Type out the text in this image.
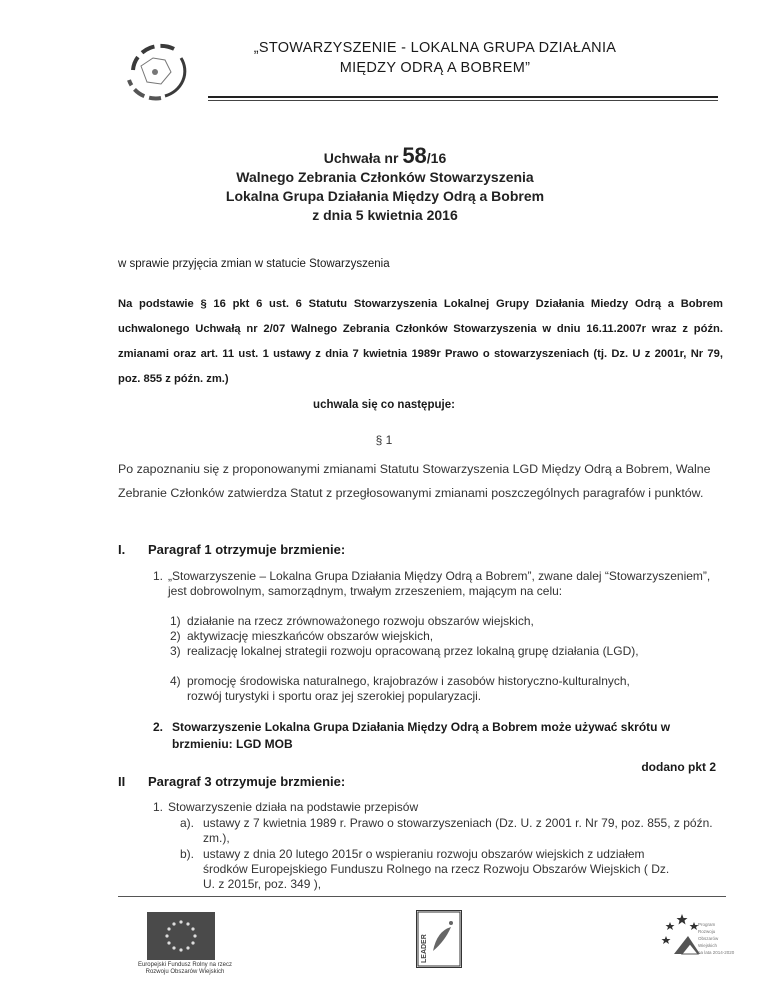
„STOWARZYSZENIE - LOKALNA GRUPA DZIAŁANIA
MIĘDZY ODRĄ A BOBREM”
Uchwała nr 58/16
Walnego Zebrania Członków Stowarzyszenia
Lokalna Grupa Działania Między Odrą a Bobrem
z dnia 5 kwietnia 2016
w sprawie przyjęcia zmian w statucie Stowarzyszenia
Na podstawie § 16 pkt 6 ust. 6 Statutu Stowarzyszenia Lokalnej Grupy Działania Miedzy Odrą a Bobrem uchwalonego Uchwałą nr 2/07 Walnego Zebrania Członków Stowarzyszenia w dniu 16.11.2007r wraz z późn. zmianami oraz art. 11 ust. 1 ustawy z dnia 7 kwietnia 1989r Prawo o stowarzyszeniach (tj. Dz. U z 2001r, Nr 79, poz. 855 z późn. zm.)
uchwala się co następuje:
§ 1
Po zapoznaniu się z proponowanymi zmianami Statutu Stowarzyszenia LGD Między Odrą a Bobrem, Walne Zebranie Członków zatwierdza Statut z przegłosowanymi zmianami poszczególnych paragrafów i punktów.
I. Paragraf 1 otrzymuje brzmienie:
1. „Stowarzyszenie – Lokalna Grupa Działania Między Odrą a Bobrem”, zwane dalej “Stowarzyszeniem”, jest dobrowolnym, samorządnym, trwałym zrzeszeniem, mającym na celu:
1) działanie na rzecz zrównoważonego rozwoju obszarów wiejskich,
2) aktywizację mieszkańców obszarów wiejskich,
3) realizację lokalnej strategii rozwoju opracowaną przez lokalną grupę działania (LGD),
4) promocję środowiska naturalnego, krajobrazów i zasobów historyczno-kulturalnych, rozwój turystyki i sportu oraz jej szerokiej popularyzacji.
2. Stowarzyszenie Lokalna Grupa Działania Między Odrą a Bobrem może używać skrótu w brzmieniu: LGD MOB
dodano pkt 2
II Paragraf 3 otrzymuje brzmienie:
1. Stowarzyszenie działa na podstawie przepisów
a). ustawy z 7 kwietnia 1989 r. Prawo o stowarzyszeniach (Dz. U. z 2001 r. Nr 79, poz. 855, z późn. zm.),
b). ustawy z dnia 20 lutego 2015r o wspieraniu rozwoju obszarów wiejskich z udziałem środków Europejskiego Funduszu Rolnego na rzecz Rozwoju Obszarów Wiejskich ( Dz. U. z 2015r, poz. 349 ),
Europejski Fundusz Rolny na rzecz
Rozwoju Obszarów Wiejskich
LEADER
Program
Rozwoju
Obszarów
Wiejskich
na lata 2014-2020
